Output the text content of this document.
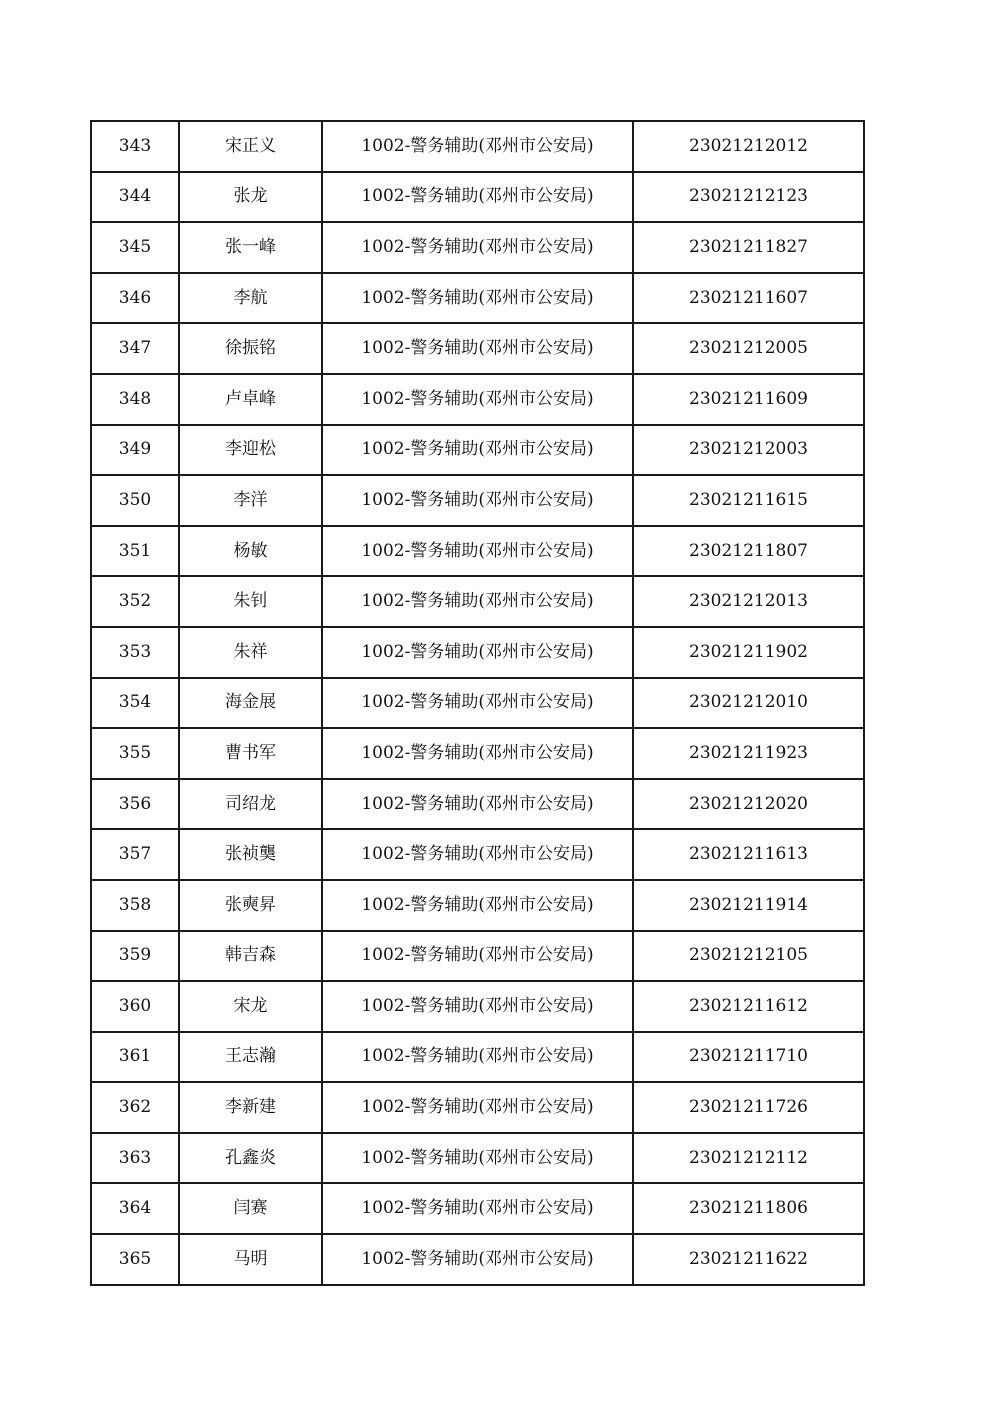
343	宋正义	1002-警务辅助(邓州市公安局)	23021212012
344	张龙	1002-警务辅助(邓州市公安局)	23021212123
345	张一峰	1002-警务辅助(邓州市公安局)	23021211827
346	李航	1002-警务辅助(邓州市公安局)	23021211607
347	徐振铭	1002-警务辅助(邓州市公安局)	23021212005
348	卢卓峰	1002-警务辅助(邓州市公安局)	23021211609
349	李迎松	1002-警务辅助(邓州市公安局)	23021212003
350	李洋	1002-警务辅助(邓州市公安局)	23021211615
351	杨敏	1002-警务辅助(邓州市公安局)	23021211807
352	朱钊	1002-警务辅助(邓州市公安局)	23021212013
353	朱祥	1002-警务辅助(邓州市公安局)	23021211902
354	海金展	1002-警务辅助(邓州市公安局)	23021212010
355	曹书军	1002-警务辅助(邓州市公安局)	23021211923
356	司绍龙	1002-警务辅助(邓州市公安局)	23021212020
357	张祯龑	1002-警务辅助(邓州市公安局)	23021211613
358	张奭昇	1002-警务辅助(邓州市公安局)	23021211914
359	韩吉森	1002-警务辅助(邓州市公安局)	23021212105
360	宋龙	1002-警务辅助(邓州市公安局)	23021211612
361	王志瀚	1002-警务辅助(邓州市公安局)	23021211710
362	李新建	1002-警务辅助(邓州市公安局)	23021211726
363	孔鑫炎	1002-警务辅助(邓州市公安局)	23021212112
364	闫赛	1002-警务辅助(邓州市公安局)	23021211806
365	马明	1002-警务辅助(邓州市公安局)	23021211622
